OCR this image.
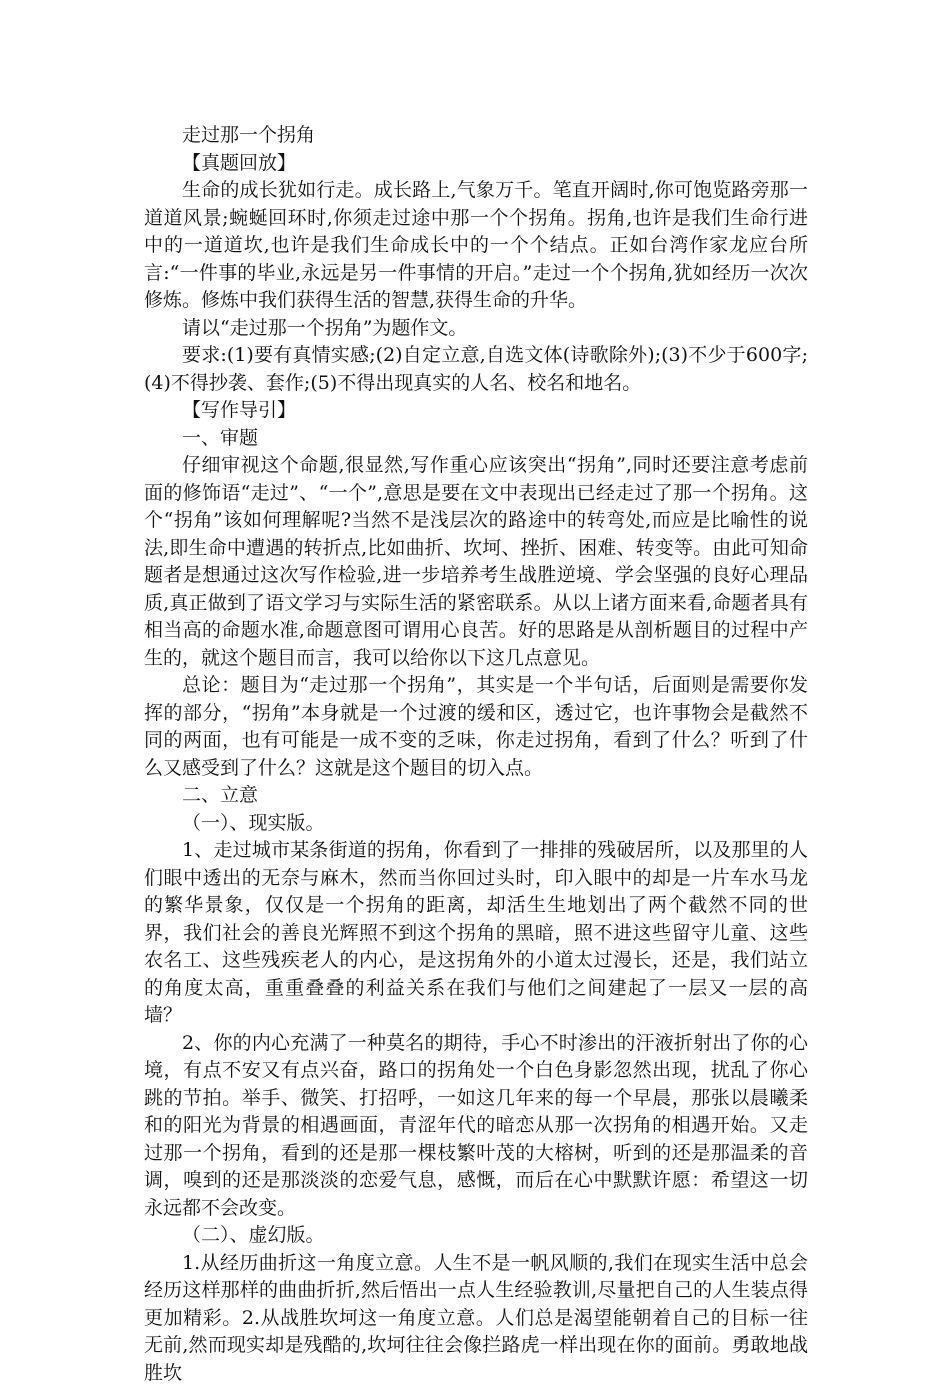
走过那一个拐角

【真题回放】

生命的成长犹如行走。成长路上,气象万千。笔直开阔时,你可饱览路旁那一道道风景;蜿蜒回环时,你须走过途中那一个个拐角。拐角,也许是我们生命行进中的一道道坎,也许是我们生命成长中的一个个结点。正如台湾作家龙应台所言:“一件事的毕业,永远是另一件事情的开启。”走过一个个拐角,犹如经历一次次修炼。修炼中我们获得生活的智慧,获得生命的升华。

请以“走过那一个拐角”为题作文。

要求:(1)要有真情实感;(2)自定立意,自选文体(诗歌除外);(3)不少于600字;(4)不得抄袭、套作;(5)不得出现真实的人名、校名和地名。

【写作导引】

一、审题

仔细审视这个命题,很显然,写作重心应该突出“拐角”,同时还要注意考虑前面的修饰语“走过”、“一个”,意思是要在文中表现出已经走过了那一个拐角。这个“拐角”该如何理解呢?当然不是浅层次的路途中的转弯处,而应是比喻性的说法,即生命中遭遇的转折点,比如曲折、坎坷、挫折、困难、转变等。由此可知命题者是想通过这次写作检验,进一步培养考生战胜逆境、学会坚强的良好心理品质,真正做到了语文学习与实际生活的紧密联系。从以上诸方面来看,命题者具有相当高的命题水准,命题意图可谓用心良苦。好的思路是从剖析题目的过程中产生的，就这个题目而言，我可以给你以下这几点意见。

总论：题目为“走过那一个拐角”，其实是一个半句话，后面则是需要你发挥的部分，“拐角”本身就是一个过渡的缓和区，透过它，也许事物会是截然不同的两面，也有可能是一成不变的乏味，你走过拐角，看到了什么？听到了什么又感受到了什么？这就是这个题目的切入点。

二、立意

（一）、现实版。

1、走过城市某条街道的拐角，你看到了一排排的残破居所，以及那里的人们眼中透出的无奈与麻木，然而当你回过头时，印入眼中的却是一片车水马龙的繁华景象，仅仅是一个拐角的距离，却活生生地划出了两个截然不同的世界，我们社会的善良光辉照不到这个拐角的黑暗，照不进这些留守儿童、这些农名工、这些残疾老人的内心，是这拐角外的小道太过漫长，还是，我们站立的角度太高，重重叠叠的利益关系在我们与他们之间建起了一层又一层的高墙？

2、你的内心充满了一种莫名的期待，手心不时渗出的汗液折射出了你的心境，有点不安又有点兴奋，路口的拐角处一个白色身影忽然出现，扰乱了你心跳的节拍。举手、微笑、打招呼，一如这几年来的每一个早晨，那张以晨曦柔和的阳光为背景的相遇画面，青涩年代的暗恋从那一次拐角的相遇开始。又走过那一个拐角，看到的还是那一棵枝繁叶茂的大榕树，听到的还是那温柔的音调，嗅到的还是那淡淡的恋爱气息，感慨，而后在心中默默许愿：希望这一切永远都不会改变。

（二）、虚幻版。

1.从经历曲折这一角度立意。人生不是一帆风顺的,我们在现实生活中总会经历这样那样的曲曲折折,然后悟出一点人生经验教训,尽量把自己的人生装点得更加精彩。2.从战胜坎坷这一角度立意。人们总是渴望能朝着自己的目标一往无前,然而现实却是残酷的,坎坷往往会像拦路虎一样出现在你的面前。勇敢地战胜坎
